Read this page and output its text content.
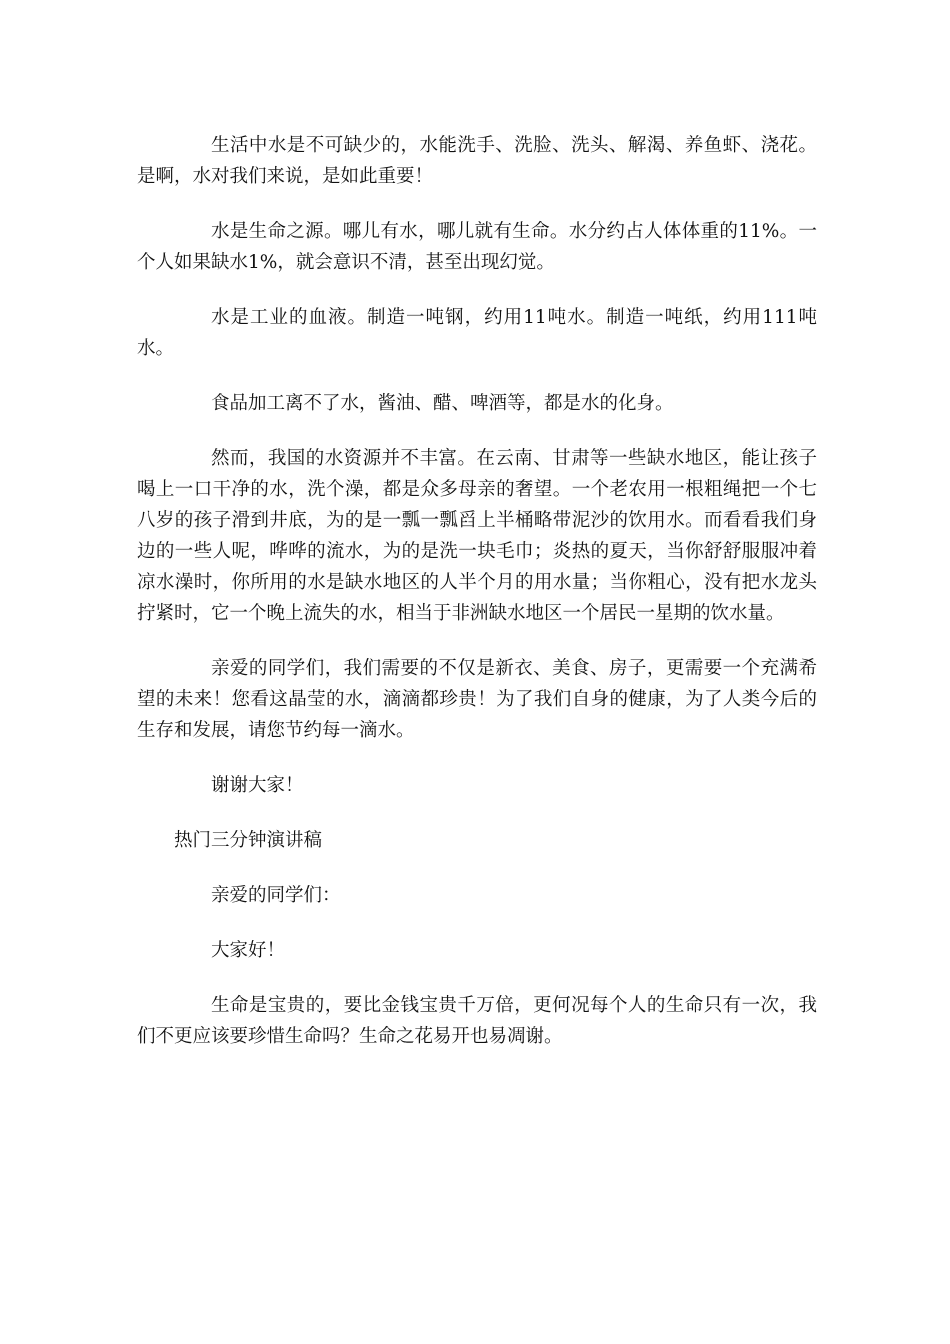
生活中水是不可缺少的，水能洗手、洗脸、洗头、解渴、养鱼虾、浇花。是啊，水对我们来说，是如此重要！

水是生命之源。哪儿有水，哪儿就有生命。水分约占人体体重的11%。一个人如果缺水1%，就会意识不清，甚至出现幻觉。

水是工业的血液。制造一吨钢，约用11吨水。制造一吨纸，约用111吨水。

食品加工离不了水，酱油、醋、啤酒等，都是水的化身。

然而，我国的水资源并不丰富。在云南、甘肃等一些缺水地区，能让孩子喝上一口干净的水，洗个澡，都是众多母亲的奢望。一个老农用一根粗绳把一个七八岁的孩子滑到井底，为的是一瓢一瓢舀上半桶略带泥沙的饮用水。而看看我们身边的一些人呢，哗哗的流水，为的是洗一块毛巾；炎热的夏天，当你舒舒服服冲着凉水澡时，你所用的水是缺水地区的人半个月的用水量；当你粗心，没有把水龙头拧紧时，它一个晚上流失的水，相当于非洲缺水地区一个居民一星期的饮水量。

亲爱的同学们，我们需要的不仅是新衣、美食、房子，更需要一个充满希望的未来！您看这晶莹的水，滴滴都珍贵！为了我们自身的健康，为了人类今后的生存和发展，请您节约每一滴水。

谢谢大家！

热门三分钟演讲稿

亲爱的同学们：

大家好！

生命是宝贵的，要比金钱宝贵千万倍，更何况每个人的生命只有一次，我们不更应该要珍惜生命吗？生命之花易开也易凋谢。
